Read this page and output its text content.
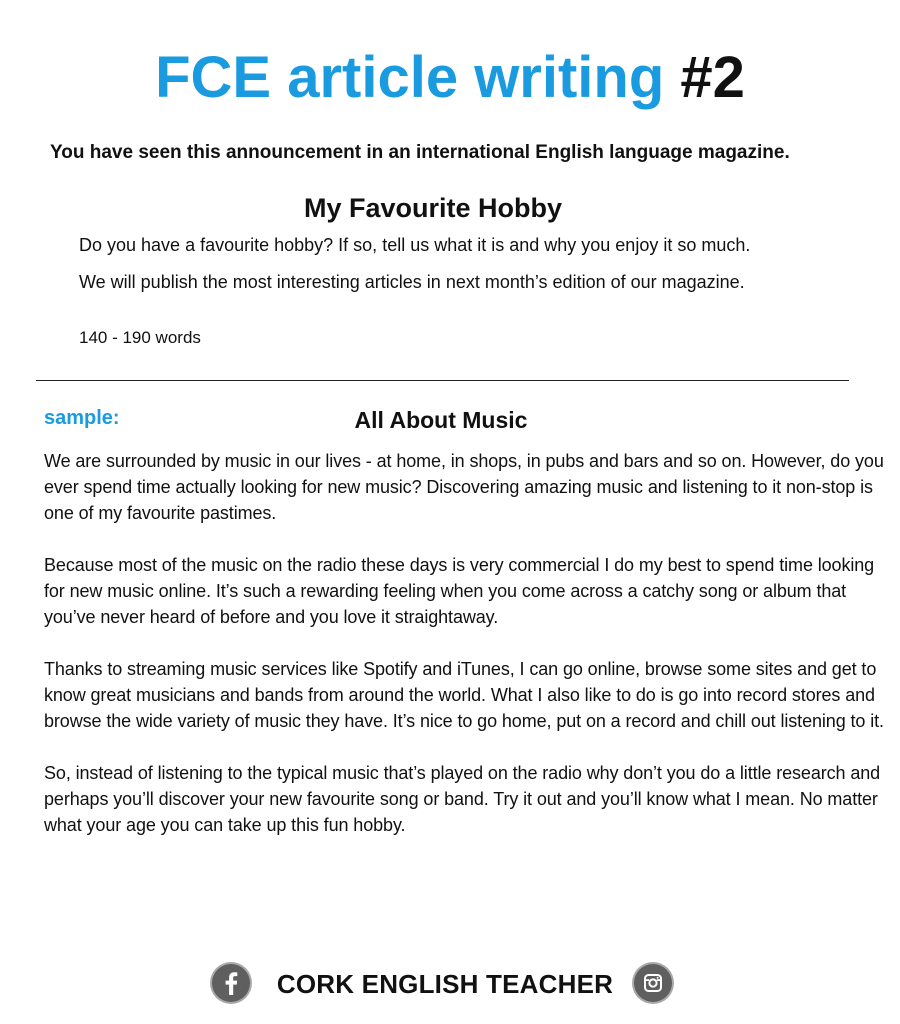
FCE article writing #2
You have seen this announcement in an international English language magazine.
My Favourite Hobby
Do you have a favourite hobby? If so, tell us what it is and why you enjoy it so much.
We will publish the most interesting articles in next month’s edition of our magazine.
140 - 190 words
sample:	All About Music

We are surrounded by music in our lives - at home, in shops, in pubs and bars and so on. However, do you ever spend time actually looking for new music? Discovering amazing music and listening to it non-stop is one of my favourite pastimes.

Because most of the music on the radio these days is very commercial I do my best to spend time looking for new music online. It’s such a rewarding feeling when you come across a catchy song or album that you’ve never heard of before and you love it straightaway.

Thanks to streaming music services like Spotify and iTunes, I can go online, browse some sites and get to know great musicians and bands from around the world. What I also like to do is go into record stores and browse the wide variety of music they have. It’s nice to go home, put on a record and chill out listening to it.

So, instead of listening to the typical music that’s played on the radio why don’t you do a little research and perhaps you’ll discover your new favourite song or band. Try it out and you’ll know what I mean. No matter what your age you can take up this fun hobby.

CORK ENGLISH TEACHER
